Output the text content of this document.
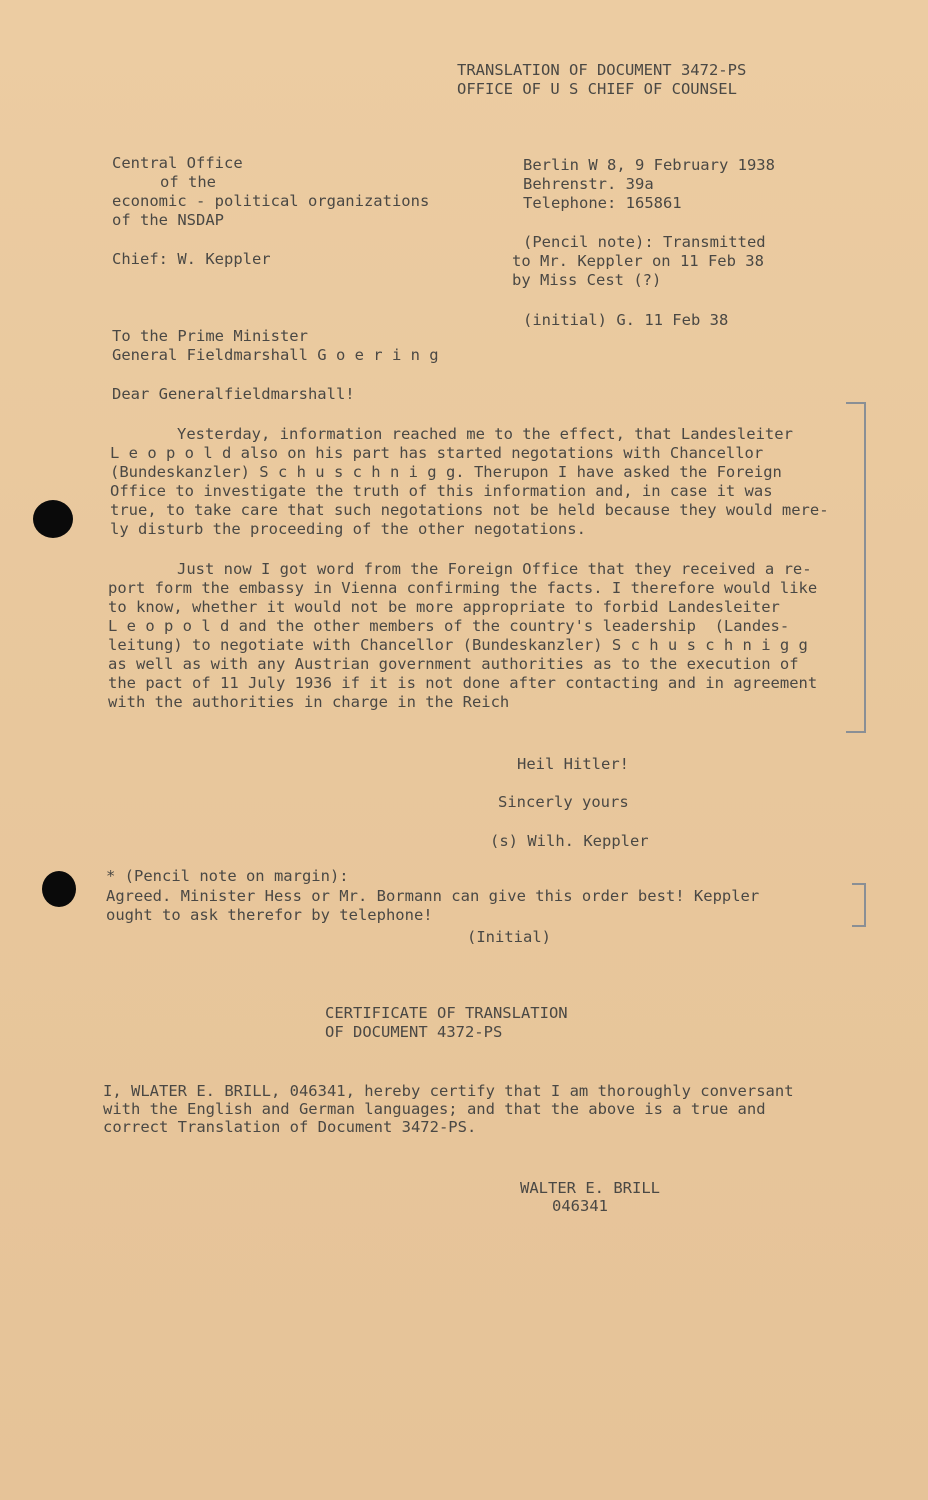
TRANSLATION OF DOCUMENT 3472-PS
OFFICE OF U S CHIEF OF COUNSEL
Central Office
of the
economic - political organizations
of the NSDAP
Chief: W. Keppler
Berlin W 8, 9 February 1938
Behrenstr. 39a
Telephone: 165861
(Pencil note): Transmitted
to Mr. Keppler on 11 Feb 38
by Miss Cest (?)
(initial) G. 11 Feb 38
To the Prime Minister
General Fieldmarshall G o e r i n g
Dear Generalfieldmarshall!
Yesterday, information reached me to the effect, that Landesleiter
L e o p o l d also on his part has started negotations with Chancellor
(Bundeskanzler) S c h u s c h n i g g. Therupon I have asked the Foreign
Office to investigate the truth of this information and, in case it was
true, to take care that such negotations not be held because they would mere-
ly disturb the proceeding of the other negotations.
Just now I got word from the Foreign Office that they received a re-
port form the embassy in Vienna confirming the facts. I therefore would like
to know, whether it would not be more appropriate to forbid Landesleiter
L e o p o l d and the other members of the country's leadership  (Landes-
leitung) to negotiate with Chancellor (Bundeskanzler) S c h u s c h n i g g
as well as with any Austrian government authorities as to the execution of
the pact of 11 July 1936 if it is not done after contacting and in agreement
with the authorities in charge in the Reich
Heil Hitler!
Sincerly yours
(s) Wilh. Keppler
* (Pencil note on margin):
Agreed. Minister Hess or Mr. Bormann can give this order best! Keppler
ought to ask therefor by telephone!
(Initial)
CERTIFICATE OF TRANSLATION
OF DOCUMENT 4372-PS
I, WLATER E. BRILL, 046341, hereby certify that I am thoroughly conversant
with the English and German languages; and that the above is a true and
correct Translation of Document 3472-PS.
WALTER E. BRILL
046341
